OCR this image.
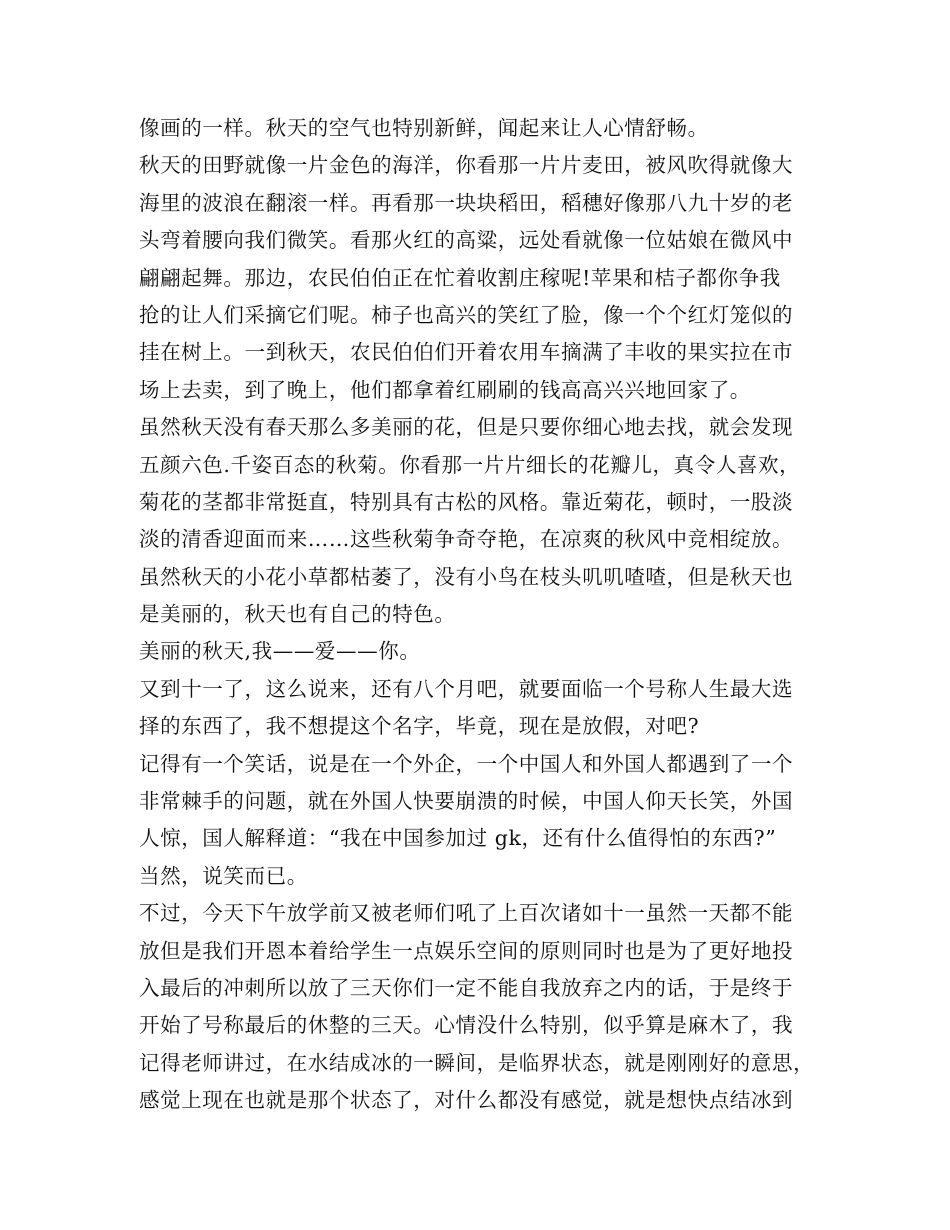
像画的一样。秋天的空气也特别新鲜，闻起来让人心情舒畅。
秋天的田野就像一片金色的海洋，你看那一片片麦田，被风吹得就像大
海里的波浪在翻滚一样。再看那一块块稻田，稻穗好像那八九十岁的老
头弯着腰向我们微笑。看那火红的高粱，远处看就像一位姑娘在微风中
翩翩起舞。那边，农民伯伯正在忙着收割庄稼呢!苹果和桔子都你争我
抢的让人们采摘它们呢。柿子也高兴的笑红了脸，像一个个红灯笼似的
挂在树上。一到秋天，农民伯伯们开着农用车摘满了丰收的果实拉在市
场上去卖，到了晚上，他们都拿着红刷刷的钱高高兴兴地回家了。
虽然秋天没有春天那么多美丽的花，但是只要你细心地去找，就会发现
五颜六色.千姿百态的秋菊。你看那一片片细长的花瓣儿，真令人喜欢，
菊花的茎都非常挺直，特别具有古松的风格。靠近菊花，顿时，一股淡
淡的清香迎面而来……这些秋菊争奇夺艳，在凉爽的秋风中竞相绽放。
虽然秋天的小花小草都枯萎了，没有小鸟在枝头叽叽喳喳，但是秋天也
是美丽的，秋天也有自己的特色。
美丽的秋天,我——爱——你。
又到十一了，这么说来，还有八个月吧，就要面临一个号称人生最大选
择的东西了，我不想提这个名字，毕竟，现在是放假，对吧?
记得有一个笑话，说是在一个外企，一个中国人和外国人都遇到了一个
非常棘手的问题，就在外国人快要崩溃的时候，中国人仰天长笑，外国
人惊，国人解释道：“我在中国参加过 gk，还有什么值得怕的东西?”
当然，说笑而已。
不过，今天下午放学前又被老师们吼了上百次诸如十一虽然一天都不能
放但是我们开恩本着给学生一点娱乐空间的原则同时也是为了更好地投
入最后的冲刺所以放了三天你们一定不能自我放弃之内的话，于是终于
开始了号称最后的休整的三天。心情没什么特别，似乎算是麻木了，我
记得老师讲过，在水结成冰的一瞬间，是临界状态，就是刚刚好的意思，
感觉上现在也就是那个状态了，对什么都没有感觉，就是想快点结冰到
